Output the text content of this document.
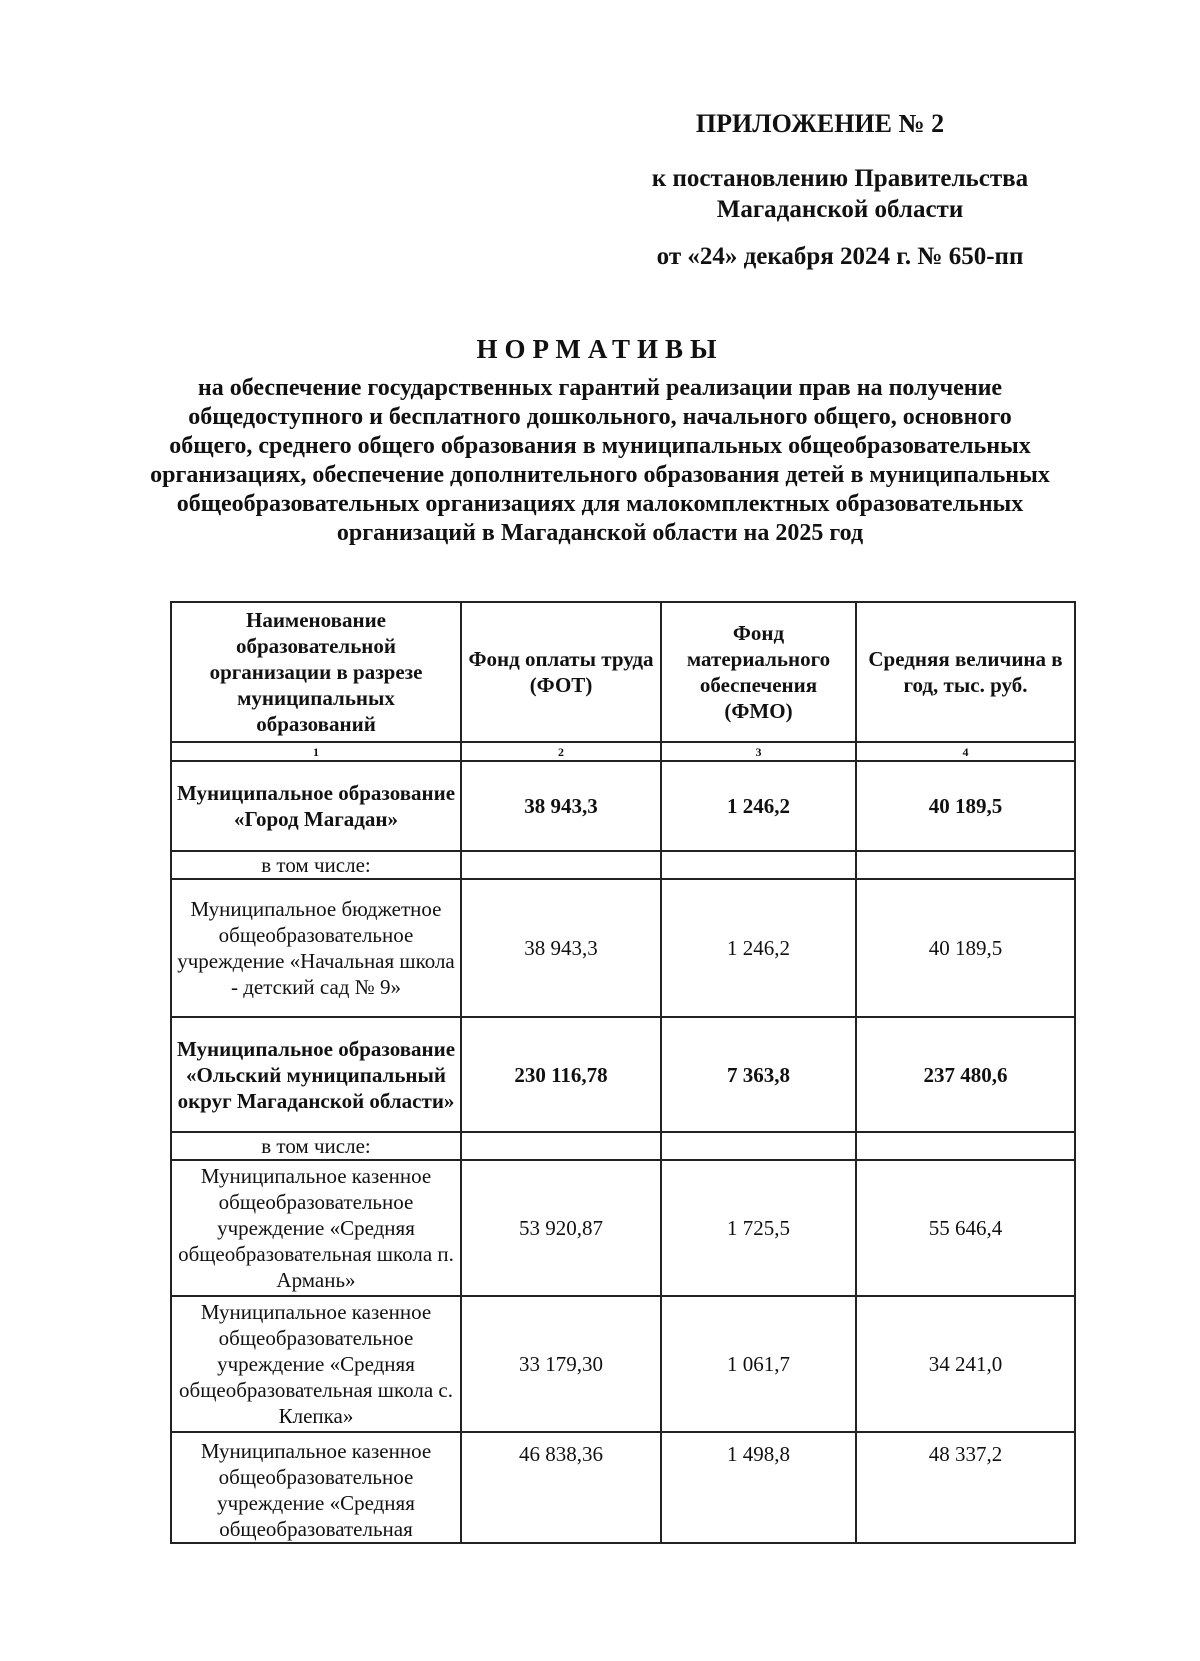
ПРИЛОЖЕНИЕ № 2
к постановлению Правительства
Магаданской области
от «24» декабря 2024 г. № 650-пп
НОРМАТИВЫ
на обеспечение государственных гарантий реализации прав на получение общедоступного и бесплатного дошкольного, начального общего, основного общего, среднего общего образования в муниципальных общеобразовательных организациях, обеспечение дополнительного образования детей в муниципальных общеобразовательных организациях для малокомплектных образовательных организаций в Магаданской области на 2025 год
Наименование образовательной организации в разрезе муниципальных образований	Фонд оплаты труда (ФОТ)	Фонд материального обеспечения (ФМО)	Средняя величина в год, тыс. руб.
1	2	3	4
Муниципальное образование «Город Магадан»	38 943,3	1 246,2	40 189,5
в том числе:			
Муниципальное бюджетное общеобразовательное учреждение «Начальная школа - детский сад № 9»	38 943,3	1 246,2	40 189,5
Муниципальное образование «Ольский муниципальный округ Магаданской области»	230 116,78	7 363,8	237 480,6
в том числе:			
Муниципальное казенное общеобразовательное учреждение «Средняя общеобразовательная школа п. Армань»	53 920,87	1 725,5	55 646,4
Муниципальное казенное общеобразовательное учреждение «Средняя общеобразовательная школа с. Клепка»	33 179,30	1 061,7	34 241,0
Муниципальное казенное общеобразовательное учреждение «Средняя общеобразовательная	46 838,36	1 498,8	48 337,2
